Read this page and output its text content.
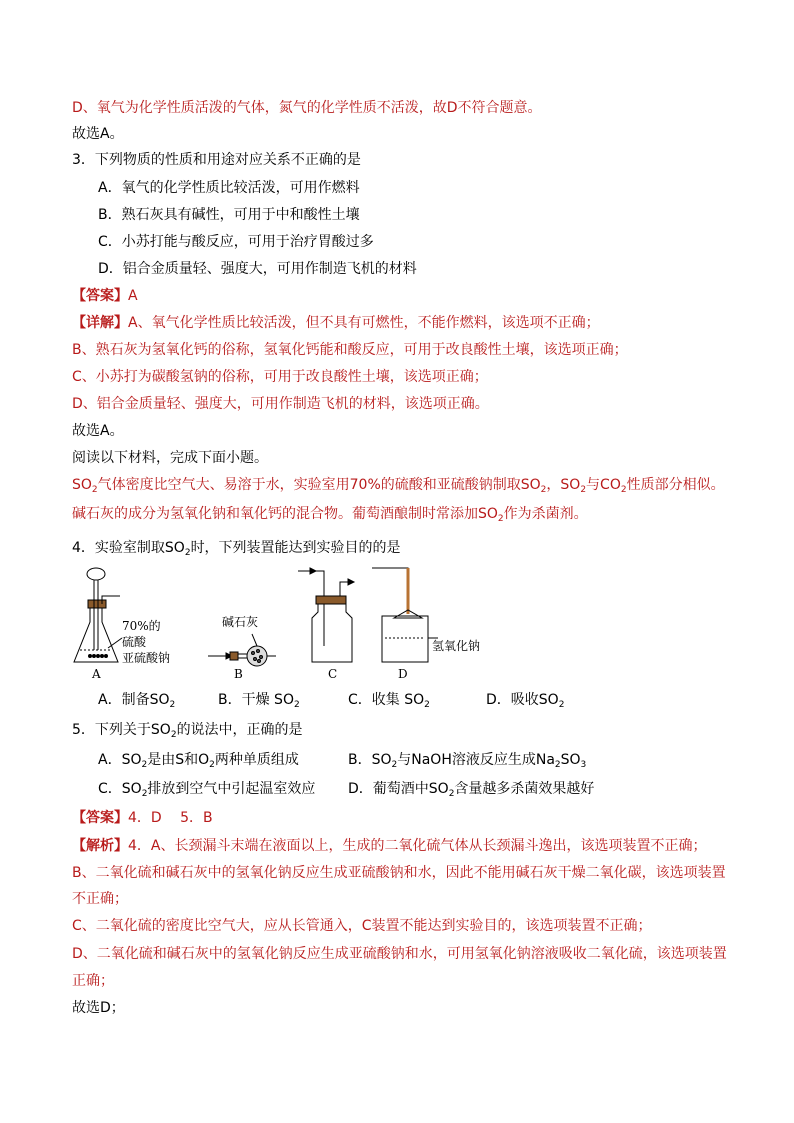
D、氧气为化学性质活泼的气体，氮气的化学性质不活泼，故D不符合题意。
故选A。
3．下列物质的性质和用途对应关系不正确的是
A．氧气的化学性质比较活泼，可用作燃料
B．熟石灰具有碱性，可用于中和酸性土壤
C．小苏打能与酸反应，可用于治疗胃酸过多
D．铝合金质量轻、强度大，可用作制造飞机的材料
【答案】A
【详解】A、氧气化学性质比较活泼，但不具有可燃性，不能作燃料，该选项不正确；
B、熟石灰为氢氧化钙的俗称，氢氧化钙能和酸反应，可用于改良酸性土壤，该选项正确；
C、小苏打为碳酸氢钠的俗称，可用于改良酸性土壤，该选项正确；
D、铝合金质量轻、强度大，可用作制造飞机的材料，该选项正确。
故选A。
阅读以下材料，完成下面小题。
$SO_2$气体密度比空气大、易溶于水，实验室用70%的硫酸和亚硫酸钠制取$SO_2$，$SO_2$与$CO_2$性质部分相似。
碱石灰的成分为氢氧化钠和氧化钙的混合物。葡萄酒酿制时常添加$SO_2$作为杀菌剂。
4．实验室制取$SO_2$时，下列装置能达到实验目的的是
70%的
硫酸
亚硫酸钠
A
碱石灰
B	C
氢氧化钠
D
A．制备$SO_2$	B．干燥 $SO_2$	C．收集 $SO_2$	D．吸收$SO_2$
5．下列关于$SO_2$的说法中，正确的是
A．$SO_2$是由S和$O_2$两种单质组成	B．$SO_2$与NaOH溶液反应生成$Na_2SO_3$
C．$SO_2$排放到空气中引起温室效应 D．葡萄酒中$SO_2$含量越多杀菌效果越好
【答案】4．D　 5．B
【解析】4．A、长颈漏斗末端在液面以上，生成的二氧化硫气体从长颈漏斗逸出，该选项装置不正确；
B、二氧化硫和碱石灰中的氢氧化钠反应生成亚硫酸钠和水，因此不能用碱石灰干燥二氧化碳，该选项装置
不正确；
C、二氧化硫的密度比空气大，应从长管通入，C装置不能达到实验目的，该选项装置不正确；
D、二氧化硫和碱石灰中的氢氧化钠反应生成亚硫酸钠和水，可用氢氧化钠溶液吸收二氧化硫，该选项装置
正确；
故选D；
